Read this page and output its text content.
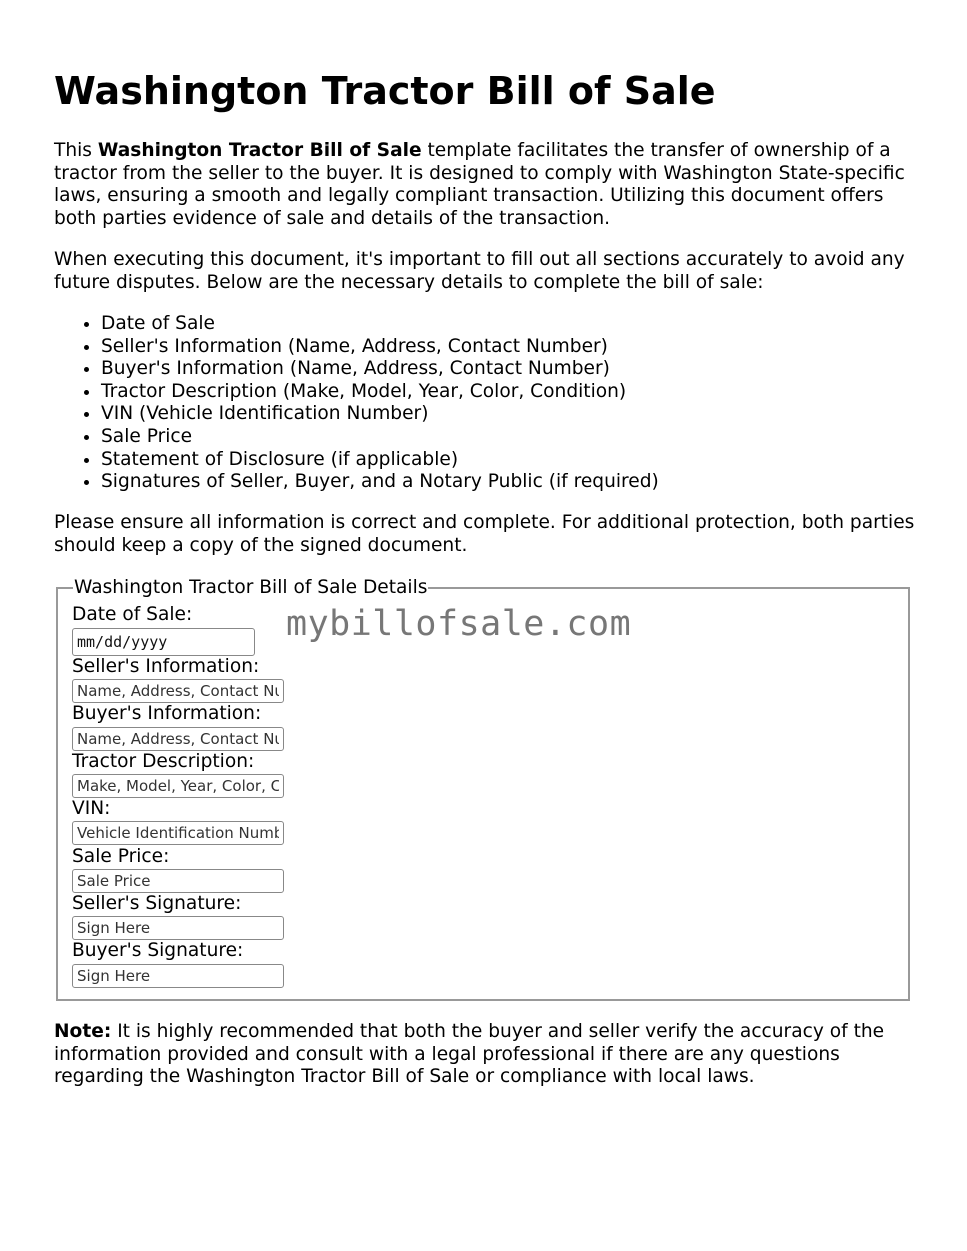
Washington Tractor Bill of Sale

This Washington Tractor Bill of Sale template facilitates the transfer of ownership of a tractor from the seller to the buyer. It is designed to comply with Washington State-specific laws, ensuring a smooth and legally compliant transaction. Utilizing this document offers both parties evidence of sale and details of the transaction.

When executing this document, it's important to fill out all sections accurately to avoid any future disputes. Below are the necessary details to complete the bill of sale:

• Date of Sale
• Seller's Information (Name, Address, Contact Number)
• Buyer's Information (Name, Address, Contact Number)
• Tractor Description (Make, Model, Year, Color, Condition)
• VIN (Vehicle Identification Number)
• Sale Price
• Statement of Disclosure (if applicable)
• Signatures of Seller, Buyer, and a Notary Public (if required)

Please ensure all information is correct and complete. For additional protection, both parties should keep a copy of the signed document.

Washington Tractor Bill of Sale Details
mybillofsale.com
Date of Sale:
mm/dd/yyyy
Seller's Information:
Name, Address, Contact Number
Buyer's Information:
Name, Address, Contact Number
Tractor Description:
Make, Model, Year, Color, Condition
VIN:
Vehicle Identification Number
Sale Price:
Sale Price
Seller's Signature:
Sign Here
Buyer's Signature:
Sign Here

Note: It is highly recommended that both the buyer and seller verify the accuracy of the information provided and consult with a legal professional if there are any questions regarding the Washington Tractor Bill of Sale or compliance with local laws.
